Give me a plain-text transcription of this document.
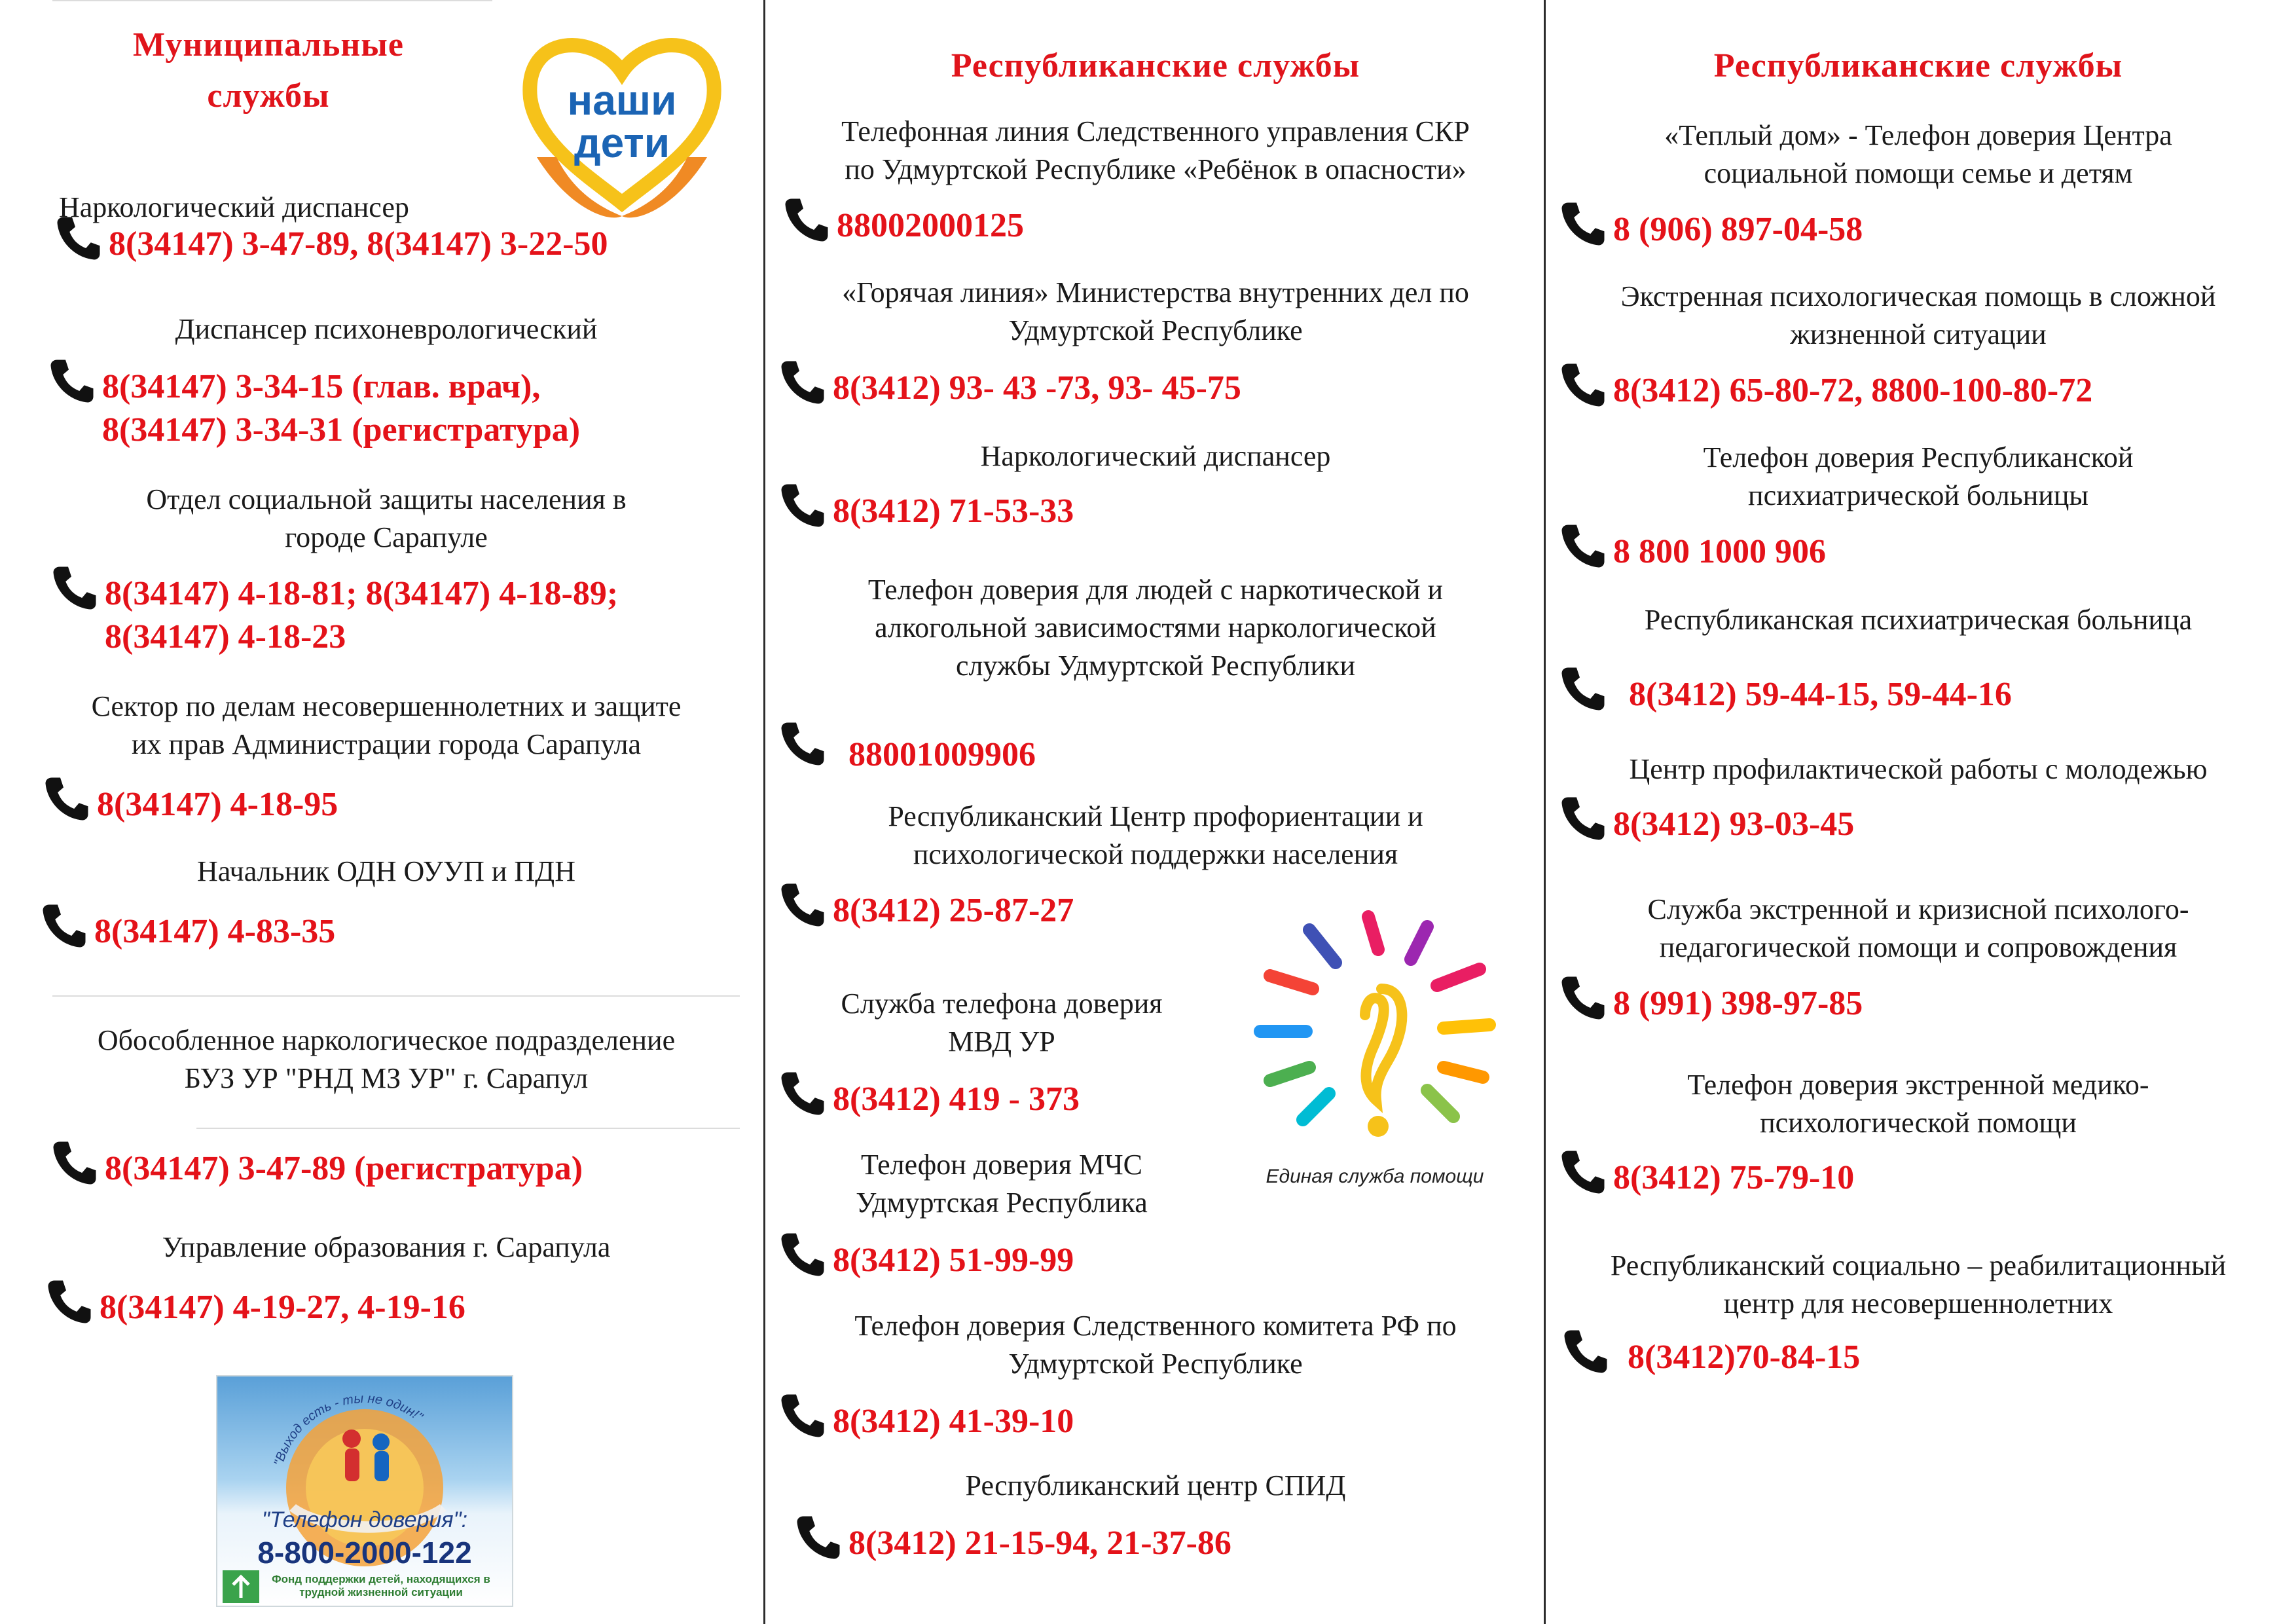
Муниципальные
службы	наши
дети
Наркологический диспансер
8(34147) 3-47-89, 8(34147) 3-22-50
Диспансер психоневрологический
8(34147) 3-34-15 (глав. врач),
8(34147) 3-34-31 (регистратура)
Отдел социальной защиты населения в
городе Сарапуле
8(34147) 4-18-81; 8(34147) 4-18-89;
8(34147) 4-18-23
Сектор по делам несовершеннолетних и защите
их прав Администрации города Сарапула
8(34147) 4-18-95
Начальник ОДН ОУУП и ПДН
8(34147) 4-83-35
Обособленное наркологическое подразделение
БУЗ УР "РНД МЗ УР" г. Сарапул
8(34147) 3-47-89 (регистратура)
Управление образования г. Сарапула
8(34147) 4-19-27, 4-19-16
"Выход есть - ты не один!"
"Телефон доверия":
8-800-2000-122
Фонд поддержки детей, находящихся в трудной жизненной ситуации
Республиканские службы
Телефонная линия Следственного управления СКР
по Удмуртской Республике «Ребёнок в опасности»
88002000125
«Горячая линия» Министерства внутренних дел по
Удмуртской Республике
8(3412) 93- 43 -73, 93- 45-75
Наркологический диспансер
8(3412) 71-53-33
Телефон доверия для людей с наркотической и
алкогольной зависимостями наркологической
службы Удмуртской Республики
88001009906
Республиканский Центр профориентации и
психологической поддержки населения
8(3412) 25-87-27
Служба телефона доверия
МВД УР
8(3412) 419 - 373
Телефон доверия МЧС
Удмуртская Республика
8(3412) 51-99-99
Телефон доверия Следственного комитета РФ по
Удмуртской Республике
8(3412) 41-39-10
Республиканский центр СПИД
8(3412) 21-15-94, 21-37-86
Единая служба помощи
Республиканские службы
«Теплый дом» - Телефон доверия Центра
социальной помощи семье и детям
8 (906) 897-04-58
Экстренная психологическая помощь в сложной
жизненной ситуации
8(3412) 65-80-72, 8800-100-80-72
Телефон доверия Республиканской
психиатрической больницы
8 800 1000 906
Республиканская психиатрическая больница
8(3412) 59-44-15, 59-44-16
Центр профилактической работы с молодежью
8(3412) 93-03-45
Служба экстренной и кризисной психолого-
педагогической помощи и сопровождения
8 (991) 398-97-85
Телефон доверия экстренной медико-
психологической помощи
8(3412) 75-79-10
Республиканский социально – реабилитационный
центр для несовершеннолетних
8(3412)70-84-15
